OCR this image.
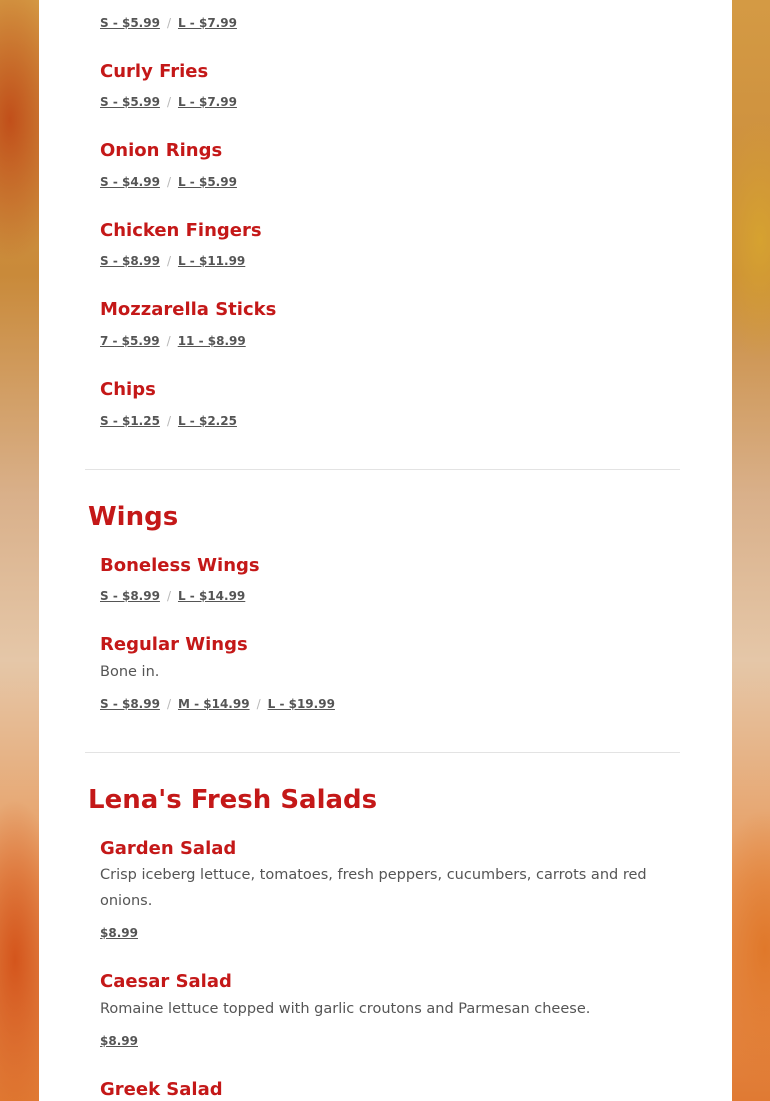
S - $5.99 / L - $7.99
Curly Fries
S - $5.99 / L - $7.99
Onion Rings
S - $4.99 / L - $5.99
Chicken Fingers
S - $8.99 / L - $11.99
Mozzarella Sticks
7 - $5.99 / 11 - $8.99
Chips
S - $1.25 / L - $2.25
Wings
Boneless Wings
S - $8.99 / L - $14.99
Regular Wings

Bone in.

S - $8.99 / M - $14.99 / L - $19.99
Lena's Fresh Salads
Garden Salad

Crisp iceberg lettuce, tomatoes, fresh peppers, cucumbers, carrots and red onions.

$8.99
Caesar Salad

Romaine lettuce topped with garlic croutons and Parmesan cheese.

$8.99
Greek Salad
